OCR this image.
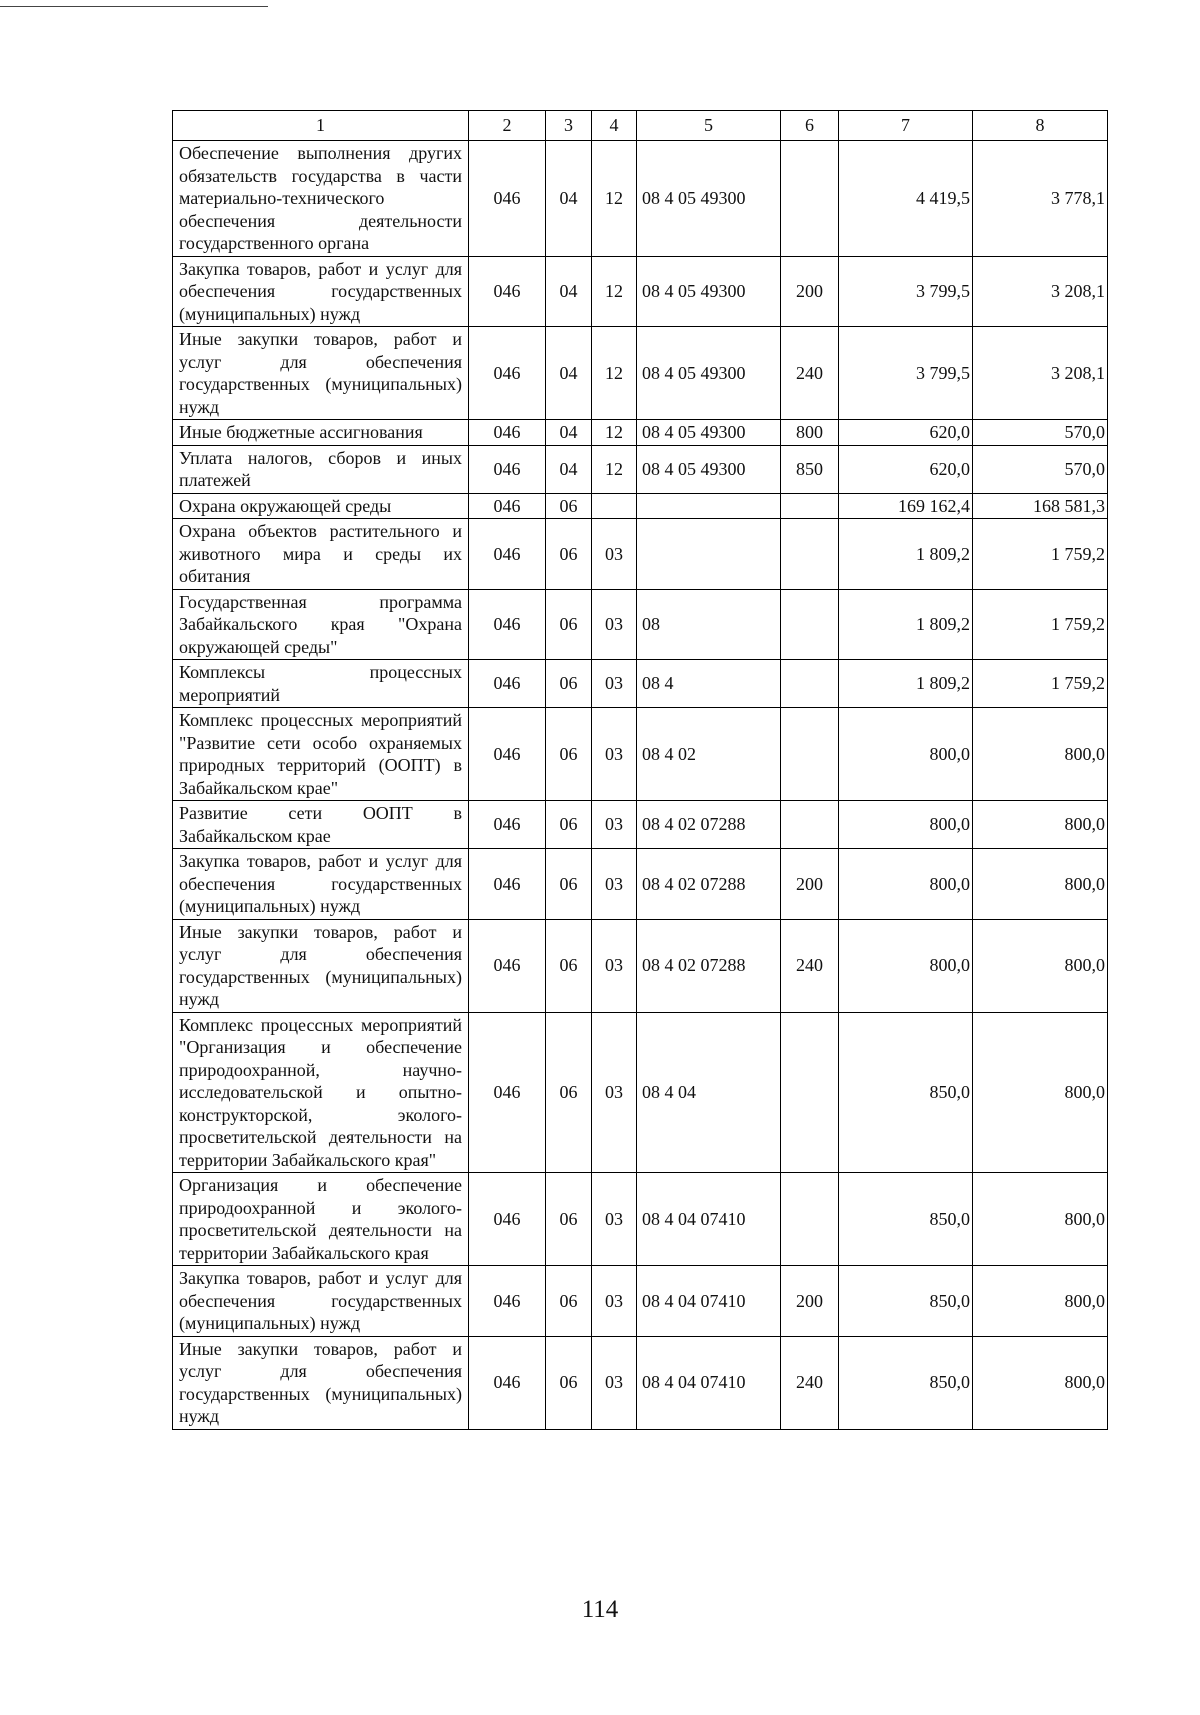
1	2	3	4	5	6	7	8
Обеспечение выполнения других обязательств государства в части материально-технического обеспечения деятельности государственного органа	046	04	12	08 4 05 49300		4 419,5	3 778,1
Закупка товаров, работ и услуг для обеспечения государственных (муниципальных) нужд	046	04	12	08 4 05 49300	200	3 799,5	3 208,1
Иные закупки товаров, работ и услуг для обеспечения государственных (муниципальных) нужд	046	04	12	08 4 05 49300	240	3 799,5	3 208,1
Иные бюджетные ассигнования	046	04	12	08 4 05 49300	800	620,0	570,0
Уплата налогов, сборов и иных платежей	046	04	12	08 4 05 49300	850	620,0	570,0
Охрана окружающей среды	046	06				169 162,4	168 581,3
Охрана объектов растительного и животного мира и среды их обитания	046	06	03			1 809,2	1 759,2
Государственная программа Забайкальского края "Охрана окружающей среды"	046	06	03	08		1 809,2	1 759,2
Комплексы процессных мероприятий	046	06	03	08 4		1 809,2	1 759,2
Комплекс процессных мероприятий "Развитие сети особо охраняемых природных территорий (ООПТ) в Забайкальском крае"	046	06	03	08 4 02		800,0	800,0
Развитие сети ООПТ в Забайкальском крае	046	06	03	08 4 02 07288		800,0	800,0
Закупка товаров, работ и услуг для обеспечения государственных (муниципальных) нужд	046	06	03	08 4 02 07288	200	800,0	800,0
Иные закупки товаров, работ и услуг для обеспечения государственных (муниципальных) нужд	046	06	03	08 4 02 07288	240	800,0	800,0
Комплекс процессных мероприятий "Организация и обеспечение природоохранной, научно-исследовательской и опытно-конструкторской, эколого-просветительской деятельности на территории Забайкальского края"	046	06	03	08 4 04		850,0	800,0
Организация и обеспечение природоохранной и эколого-просветительской деятельности на территории Забайкальского края	046	06	03	08 4 04 07410		850,0	800,0
Закупка товаров, работ и услуг для обеспечения государственных (муниципальных) нужд	046	06	03	08 4 04 07410	200	850,0	800,0
Иные закупки товаров, работ и услуг для обеспечения государственных (муниципальных) нужд	046	06	03	08 4 04 07410	240	850,0	800,0
114
